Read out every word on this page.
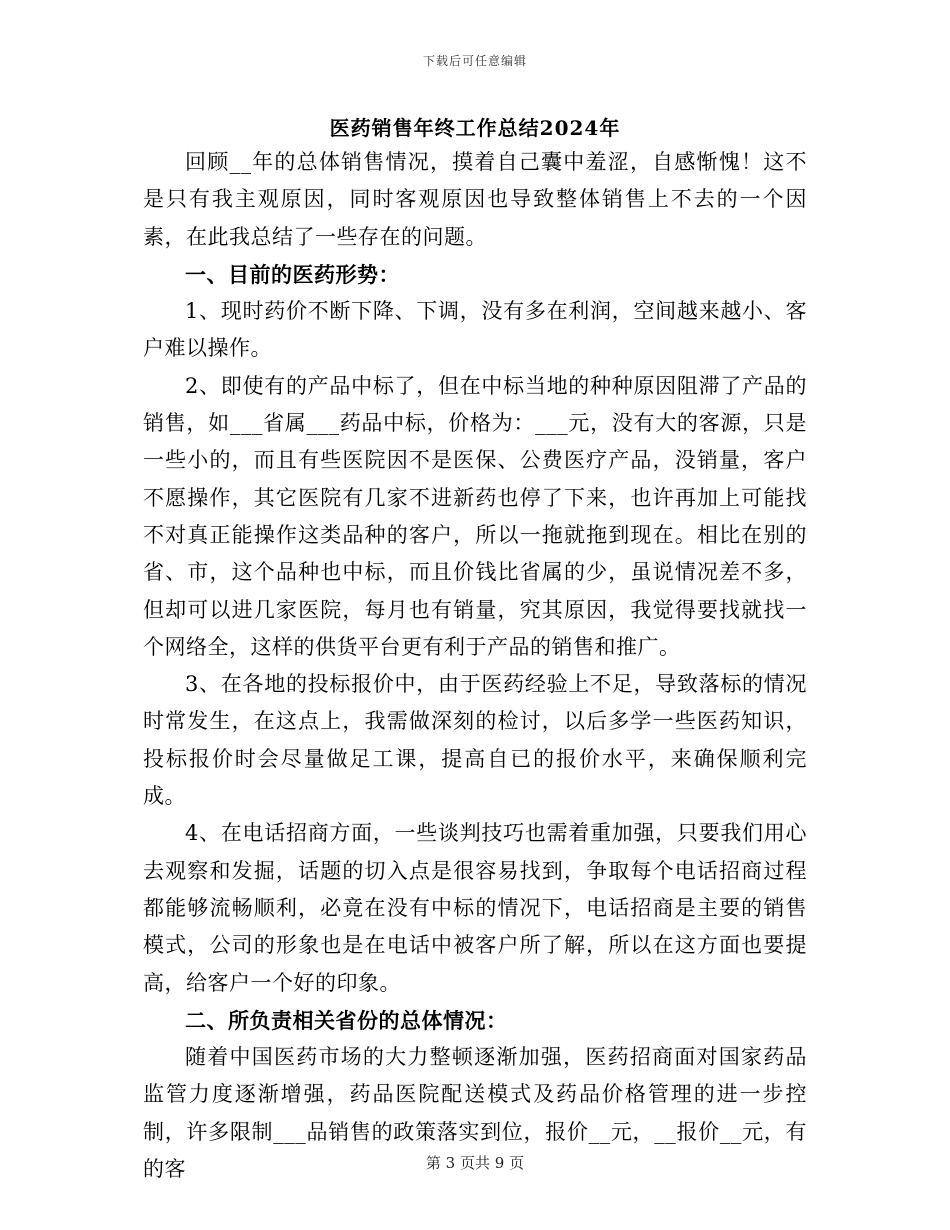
下载后可任意编辑
医药销售年终工作总结2024年

回顾__年的总体销售情况，摸着自己囊中羞涩，自感惭愧！这不是只有我主观原因，同时客观原因也导致整体销售上不去的一个因素，在此我总结了一些存在的问题。

一、目前的医药形势：

1、现时药价不断下降、下调，没有多在利润，空间越来越小、客户难以操作。

2、即使有的产品中标了，但在中标当地的种种原因阻滞了产品的销售，如___省属___药品中标，价格为：___元，没有大的客源，只是一些小的，而且有些医院因不是医保、公费医疗产品，没销量，客户不愿操作，其它医院有几家不进新药也停了下来，也许再加上可能找不对真正能操作这类品种的客户，所以一拖就拖到现在。相比在别的省、市，这个品种也中标，而且价钱比省属的少，虽说情况差不多，但却可以进几家医院，每月也有销量，究其原因，我觉得要找就找一个网络全，这样的供货平台更有利于产品的销售和推广。

3、在各地的投标报价中，由于医药经验上不足，导致落标的情况时常发生，在这点上，我需做深刻的检讨，以后多学一些医药知识，投标报价时会尽量做足工课，提高自已的报价水平，来确保顺利完成。

4、在电话招商方面，一些谈判技巧也需着重加强，只要我们用心去观察和发掘，话题的切入点是很容易找到，争取每个电话招商过程都能够流畅顺利，必竟在没有中标的情况下，电话招商是主要的销售模式，公司的形象也是在电话中被客户所了解，所以在这方面也要提高，给客户一个好的印象。

二、所负责相关省份的总体情况：

随着中国医药市场的大力整顿逐渐加强，医药招商面对国家药品监管力度逐渐增强，药品医院配送模式及药品价格管理的进一步控制，许多限制___品销售的政策落实到位，报价__元，__报价__元，有的客	第 3 页共 9 页
